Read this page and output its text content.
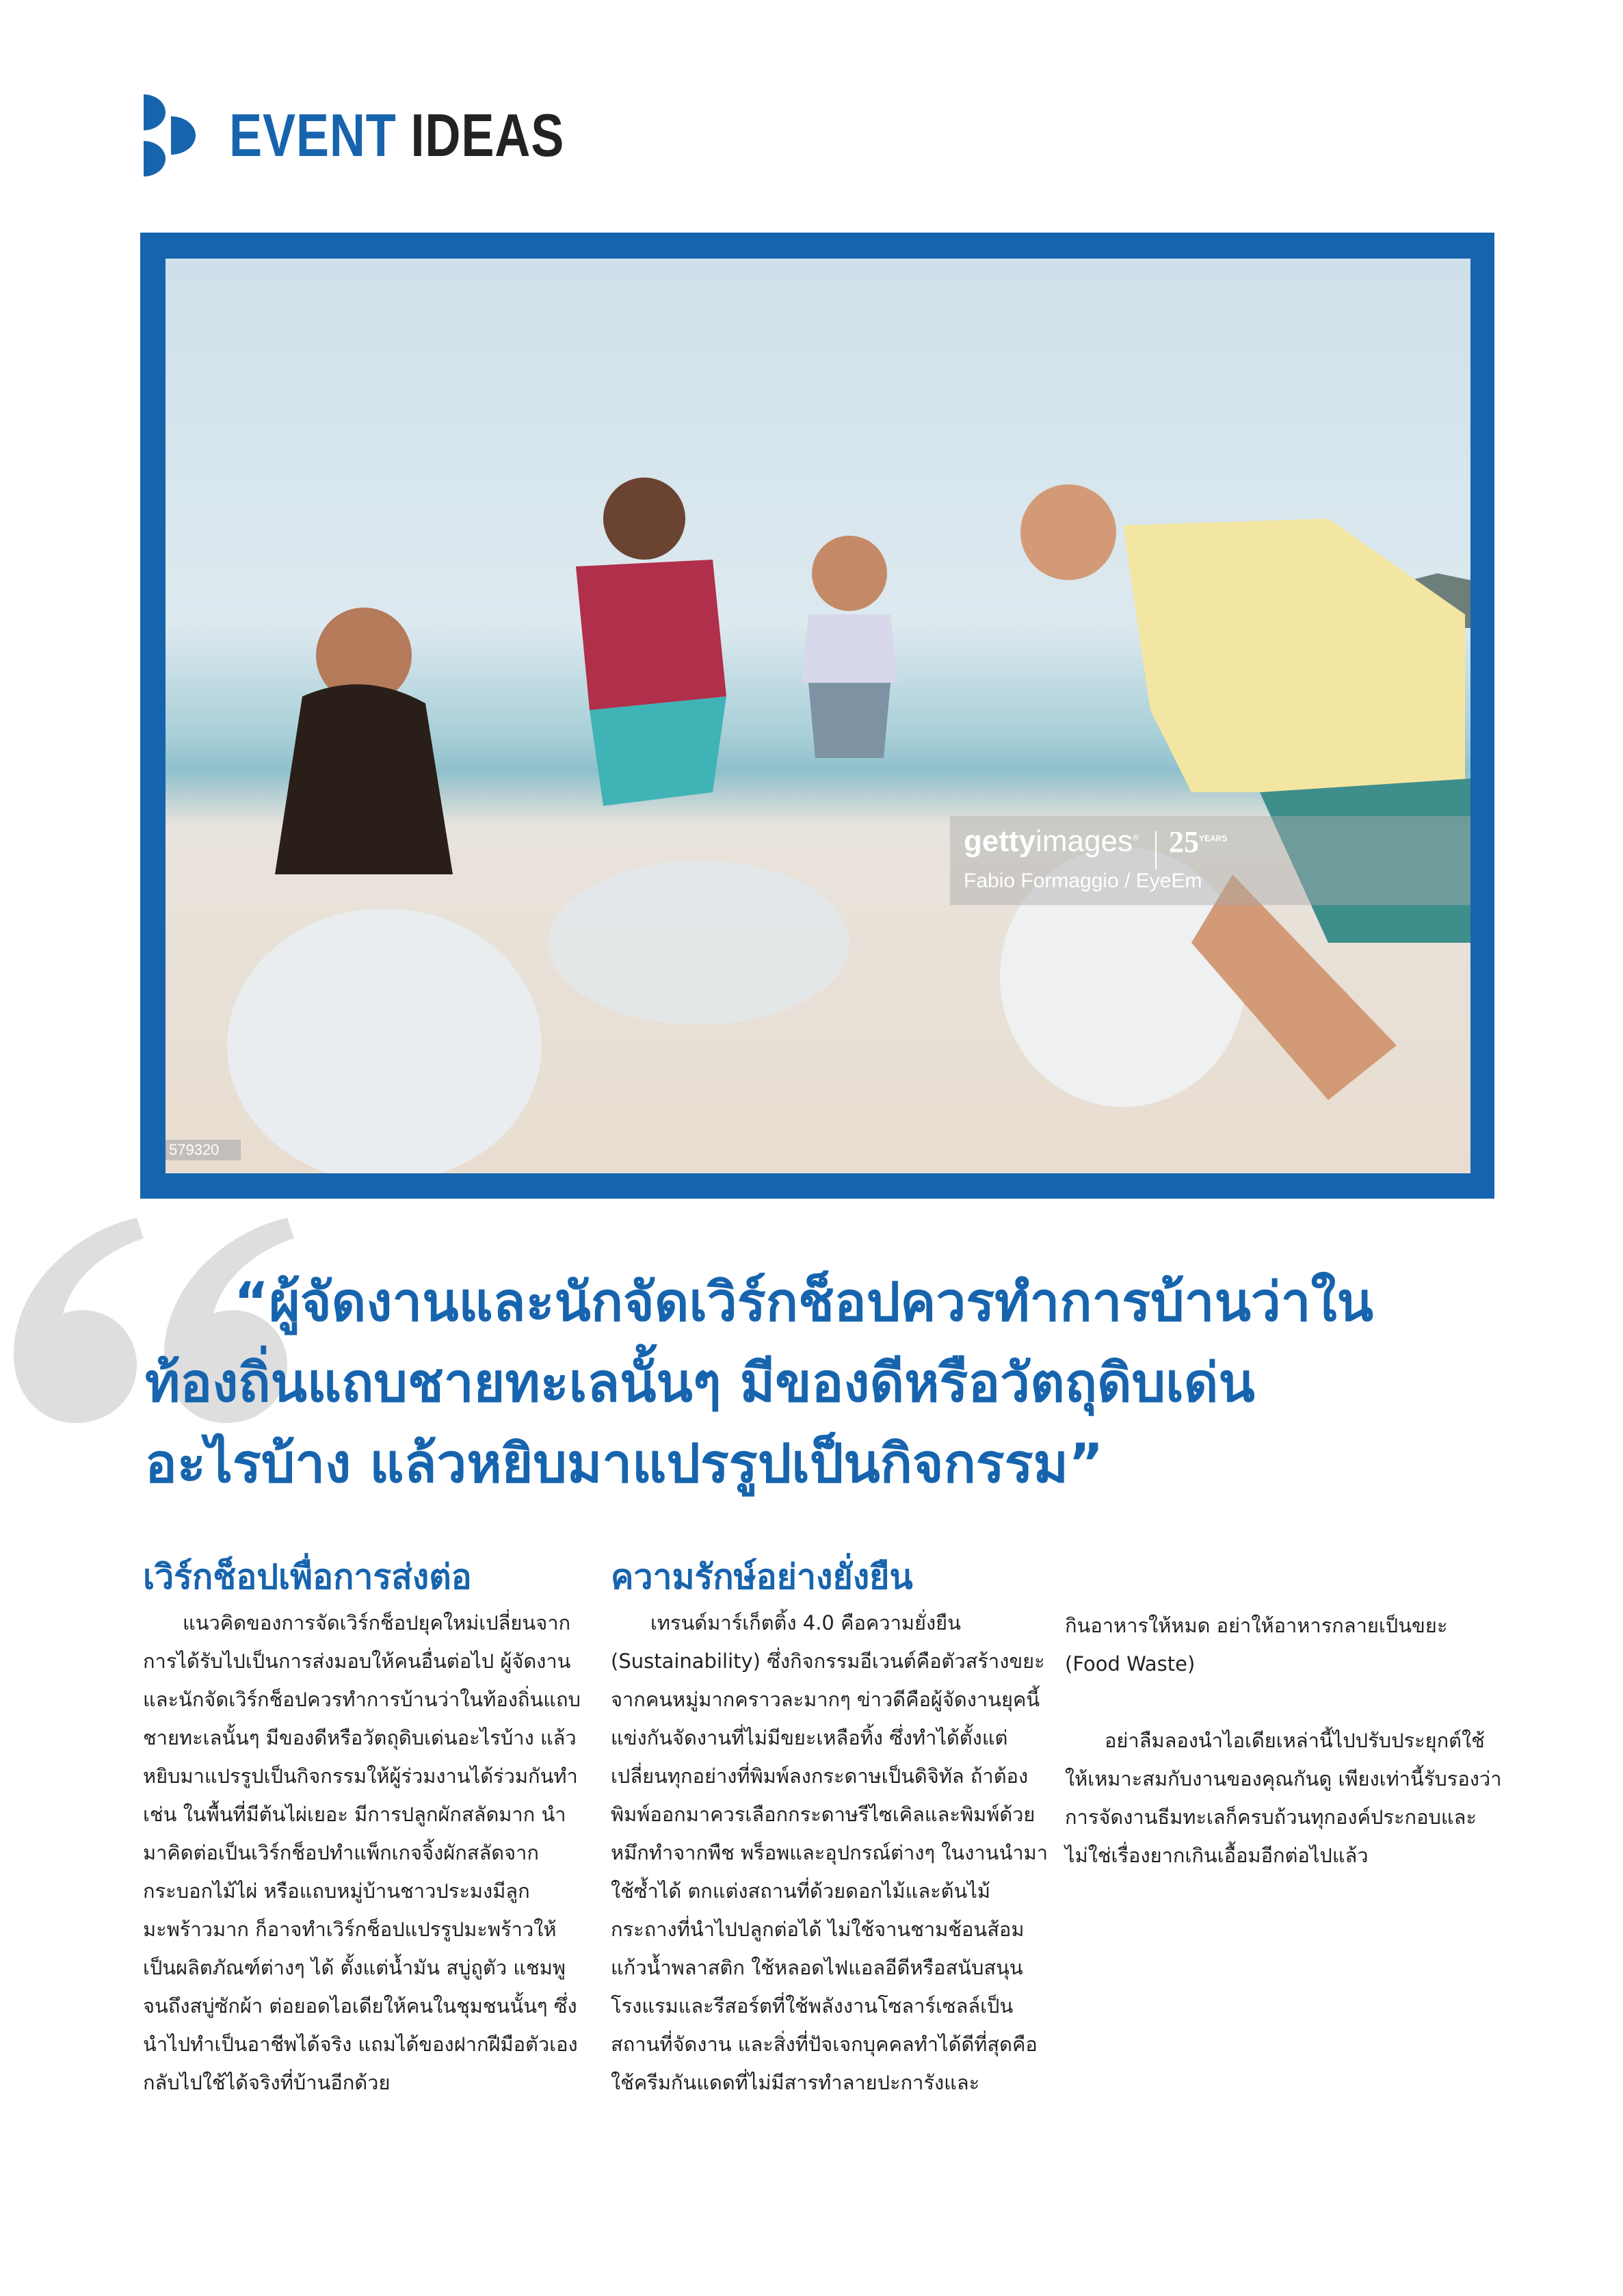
EVENT IDEAS
gettyimages® $25^{YEARS}$
Fabio Formaggio / EyeEm
579320
“ผู้จัดงานและนักจัดเวิร์กช็อปควรทำการบ้านว่าใน
ท้องถิ่นแถบชายทะเลนั้นๆ มีของดีหรือวัตถุดิบเด่น
อะไรบ้าง แล้วหยิบมาแปรรูปเป็นกิจกรรม”
เวิร์กช็อปเพื่อการส่งต่อ

แนวคิดของการจัดเวิร์กช็อปยุคใหม่เปลี่ยนจากการได้รับไปเป็นการส่งมอบให้คนอื่นต่อไป ผู้จัดงานและนักจัดเวิร์กช็อปควรทำการบ้านว่าในท้องถิ่นแถบชายทะเลนั้นๆ มีของดีหรือวัตถุดิบเด่นอะไรบ้าง แล้วหยิบมาแปรรูปเป็นกิจกรรมให้ผู้ร่วมงานได้ร่วมกันทำ เช่น ในพื้นที่มีต้นไผ่เยอะ มีการปลูกผักสลัดมาก นำมาคิดต่อเป็นเวิร์กช็อปทำแพ็กเกจจิ้งผักสลัดจากกระบอกไม้ไผ่ หรือแถบหมู่บ้านชาวประมงมีลูกมะพร้าวมาก ก็อาจทำเวิร์กช็อปแปรรูปมะพร้าวให้เป็นผลิตภัณฑ์ต่างๆ ได้ ตั้งแต่น้ำมัน สบู่ถูตัว แชมพูจนถึงสบู่ซักผ้า ต่อยอดไอเดียให้คนในชุมชนนั้นๆ ซึ่งนำไปทำเป็นอาชีพได้จริง แถมได้ของฝากฝีมือตัวเองกลับไปใช้ได้จริงที่บ้านอีกด้วย

ความรักษ์อย่างยั่งยืน

เทรนด์มาร์เก็ตติ้ง 4.0 คือความยั่งยืน (Sustainability) ซึ่งกิจกรรมอีเวนต์คือตัวสร้างขยะจากคนหมู่มากคราวละมากๆ ข่าวดีคือผู้จัดงานยุคนี้แข่งกันจัดงานที่ไม่มีขยะเหลือทิ้ง ซึ่งทำได้ตั้งแต่เปลี่ยนทุกอย่างที่พิมพ์ลงกระดาษเป็นดิจิทัล ถ้าต้องพิมพ์ออกมาควรเลือกกระดาษรีไซเคิลและพิมพ์ด้วยหมึกทำจากพืช พร็อพและอุปกรณ์ต่างๆ ในงานนำมาใช้ซ้ำได้ ตกแต่งสถานที่ด้วยดอกไม้และต้นไม้กระถางที่นำไปปลูกต่อได้ ไม่ใช้จานชามช้อนส้อมแก้วน้ำพลาสติก ใช้หลอดไฟแอลอีดีหรือสนับสนุนโรงแรมและรีสอร์ตที่ใช้พลังงานโซลาร์เซลล์เป็นสถานที่จัดงาน และสิ่งที่ปัจเจกบุคคลทำได้ดีที่สุดคือใช้ครีมกันแดดที่ไม่มีสารทำลายปะการังและ

กินอาหารให้หมด อย่าให้อาหารกลายเป็นขยะ (Food Waste)

อย่าลืมลองนำไอเดียเหล่านี้ไปปรับประยุกต์ใช้ให้เหมาะสมกับงานของคุณกันดู เพียงเท่านี้รับรองว่า การจัดงานธีมทะเลก็ครบถ้วนทุกองค์ประกอบและไม่ใช่เรื่องยากเกินเอื้อมอีกต่อไปแล้ว
